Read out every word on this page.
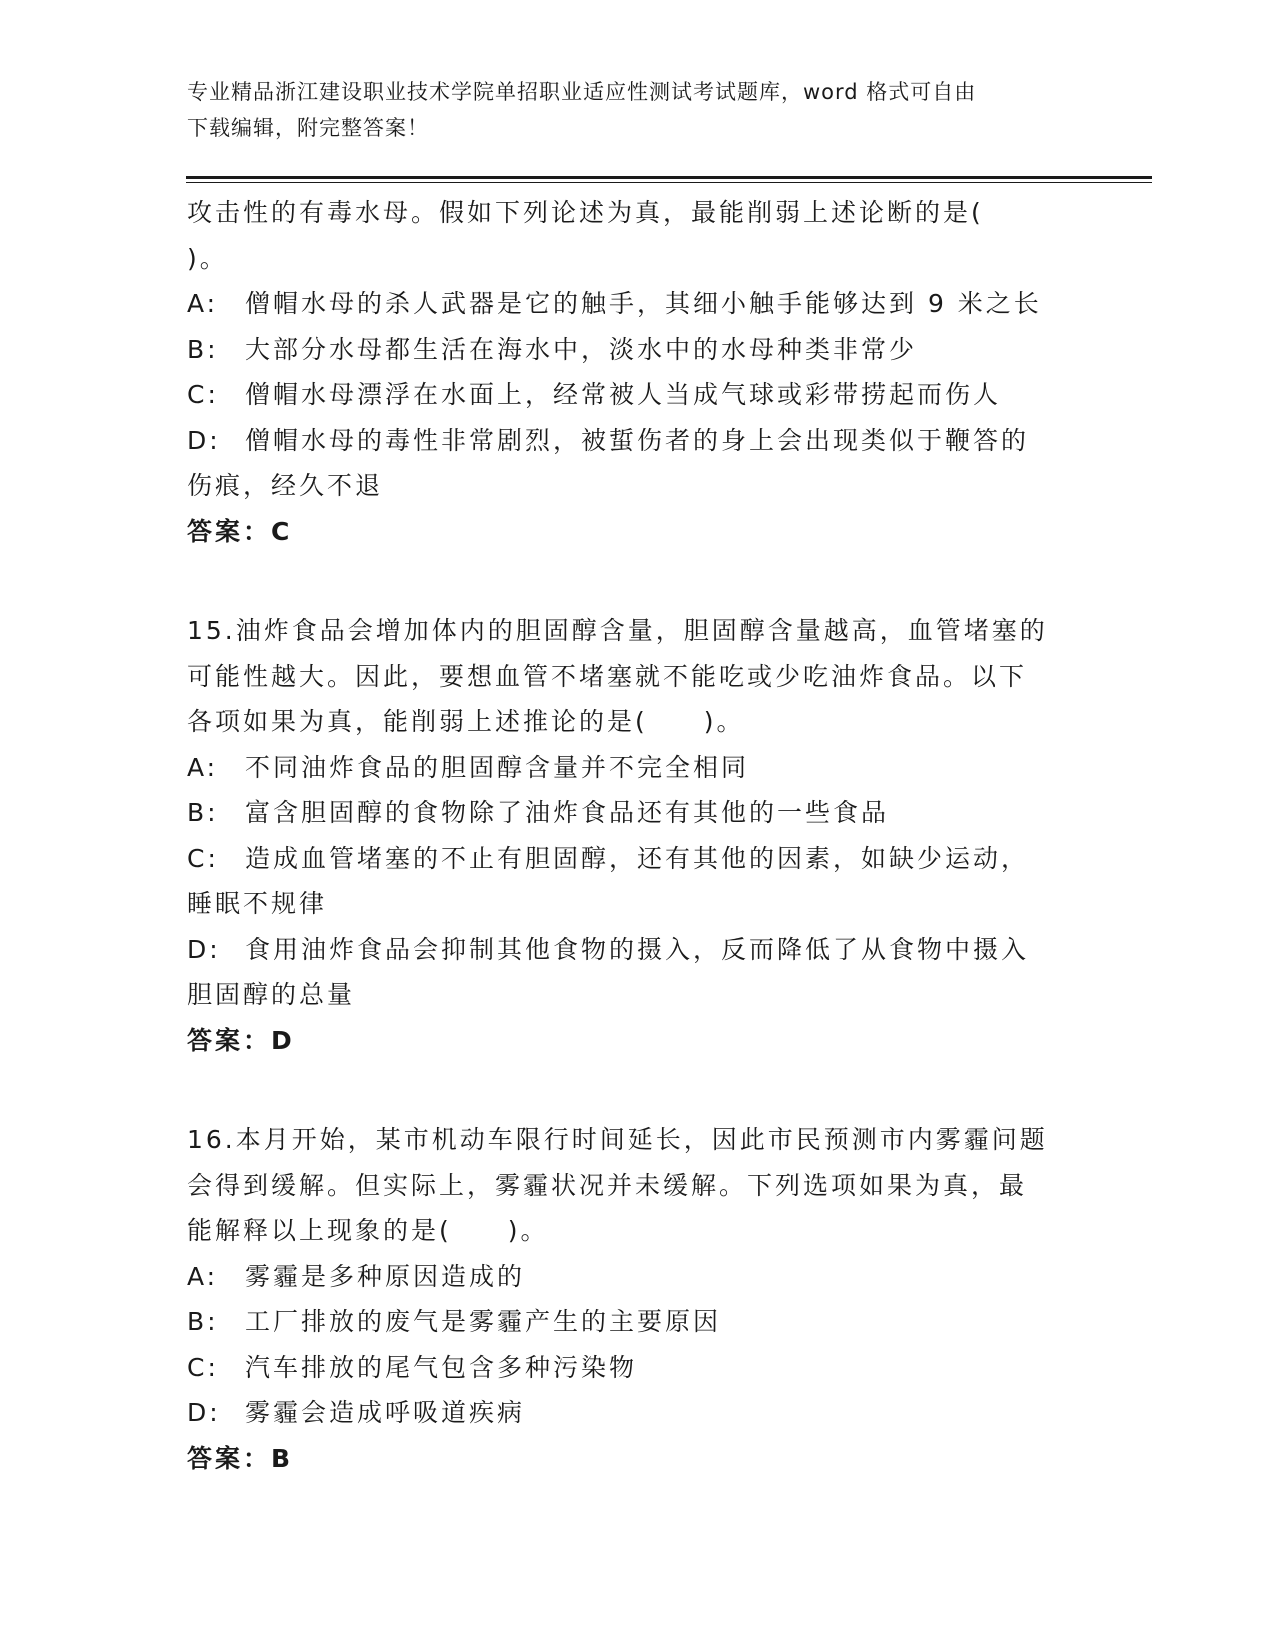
专业精品浙江建设职业技术学院单招职业适应性测试考试题库，word 格式可自由
下载编辑，附完整答案！
攻击性的有毒水母。假如下列论述为真，最能削弱上述论断的是(
)。
A:	僧帽水母的杀人武器是它的触手，其细小触手能够达到 9 米之长
B:	大部分水母都生活在海水中，淡水中的水母种类非常少
C:	僧帽水母漂浮在水面上，经常被人当成气球或彩带捞起而伤人
D: 僧帽水母的毒性非常剧烈，被蜇伤者的身上会出现类似于鞭答的
伤痕，经久不退
答案：C
15.油炸食品会增加体内的胆固醇含量，胆固醇含量越高，血管堵塞的
可能性越大。因此，要想血管不堵塞就不能吃或少吃油炸食品。以下
各项如果为真，能削弱上述推论的是(　　)。
A:	不同油炸食品的胆固醇含量并不完全相同
B:	富含胆固醇的食物除了油炸食品还有其他的一些食品
C:	造成血管堵塞的不止有胆固醇，还有其他的因素，如缺少运动，
睡眠不规律
D: 食用油炸食品会抑制其他食物的摄入，反而降低了从食物中摄入
胆固醇的总量
答案：D
16.本月开始，某市机动车限行时间延长，因此市民预测市内雾霾问题
会得到缓解。但实际上，雾霾状况并未缓解。下列选项如果为真，最
能解释以上现象的是(　　)。
A:	雾霾是多种原因造成的
B:	工厂排放的废气是雾霾产生的主要原因
C:	汽车排放的尾气包含多种污染物
D: 雾霾会造成呼吸道疾病
答案：B
